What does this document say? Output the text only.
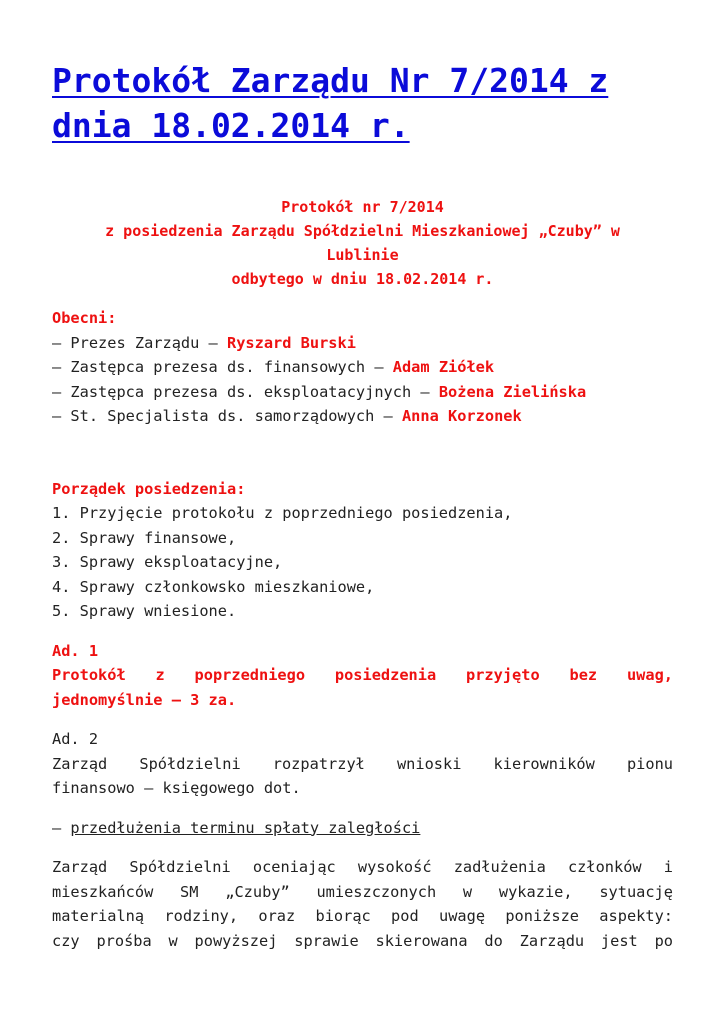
Protokół Zarządu Nr 7/2014 z
dnia 18.02.2014 r.
Protokół nr 7/2014
z posiedzenia Zarządu Spółdzielni Mieszkaniowej „Czuby” w
Lublinie
odbytego w dniu 18.02.2014 r.
Obecni:
– Prezes Zarządu – Ryszard Burski
– Zastępca prezesa ds. finansowych – Adam Ziółek
– Zastępca prezesa ds. eksploatacyjnych – Bożena Zielińska
– St. Specjalista ds. samorządowych – Anna Korzonek
Porządek posiedzenia:
1. Przyjęcie protokołu z poprzedniego posiedzenia,
2. Sprawy finansowe,
3. Sprawy eksploatacyjne,
4. Sprawy członkowsko mieszkaniowe,
5. Sprawy wniesione.
Ad. 1
Protokół z poprzedniego posiedzenia przyjęto bez uwag,
jednomyślnie – 3 za.
Ad. 2
Zarząd Spółdzielni rozpatrzył wnioski kierowników pionu
finansowo – księgowego dot.
– przedłużenia terminu spłaty zaległości
Zarząd Spółdzielni oceniając wysokość zadłużenia członków i
mieszkańców SM „Czuby” umieszczonych w wykazie, sytuację
materialną rodziny, oraz biorąc pod uwagę poniższe aspekty:
czy prośba w powyższej sprawie skierowana do Zarządu jest po
